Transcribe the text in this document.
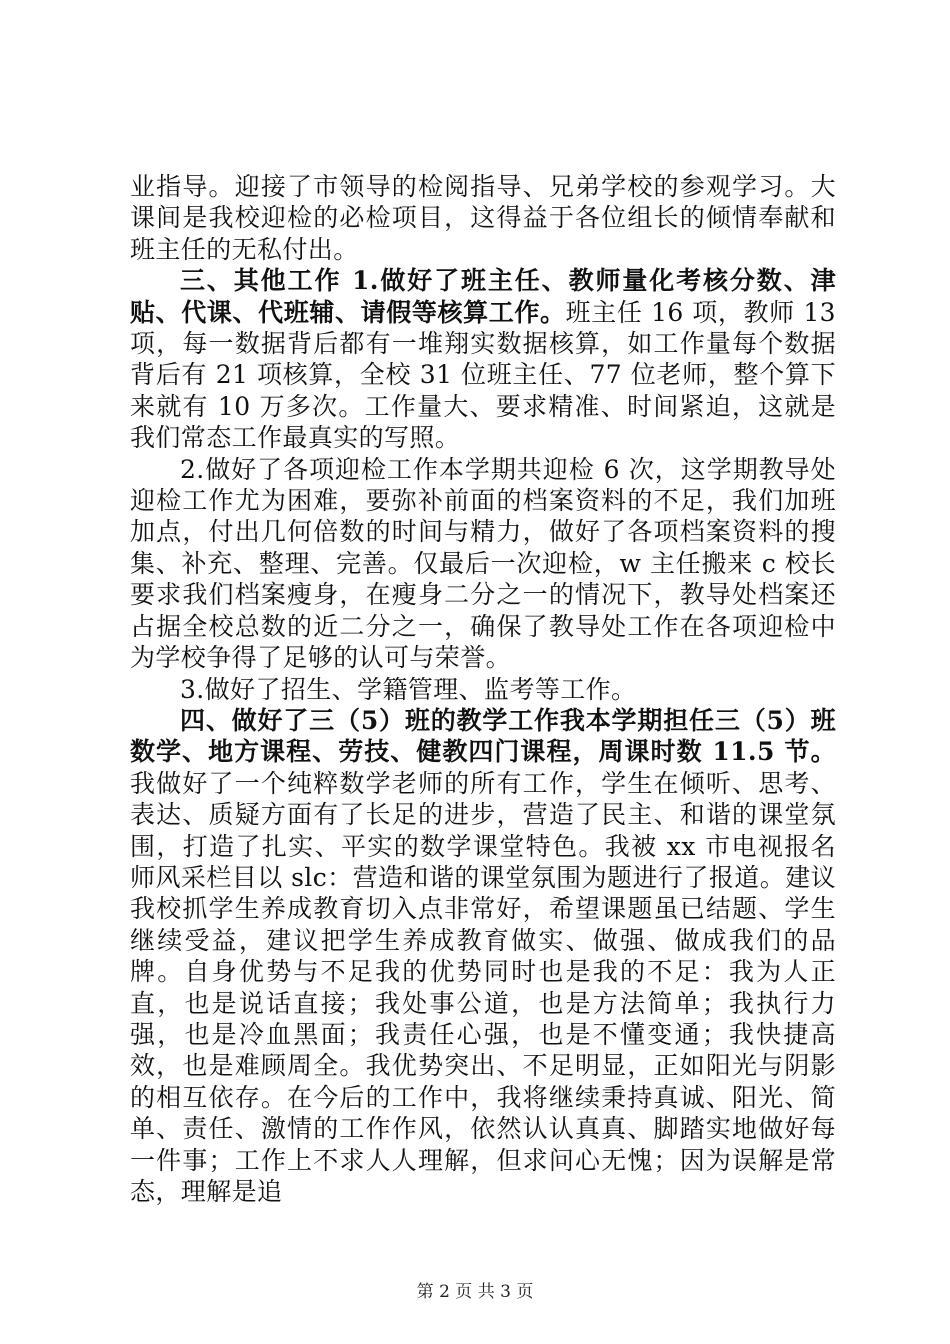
业指导。迎接了市领导的检阅指导、兄弟学校的参观学习。大课间是我校迎检的必检项目，这得益于各位组长的倾情奉献和班主任的无私付出。

三、其他工作 1.做好了班主任、教师量化考核分数、津贴、代课、代班辅、请假等核算工作。班主任 16 项，教师 13 项，每一数据背后都有一堆翔实数据核算，如工作量每个数据背后有 21 项核算，全校 31 位班主任、77 位老师，整个算下来就有 10 万多次。工作量大、要求精准、时间紧迫，这就是我们常态工作最真实的写照。

2.做好了各项迎检工作本学期共迎检 6 次，这学期教导处迎检工作尤为困难，要弥补前面的档案资料的不足，我们加班加点，付出几何倍数的时间与精力，做好了各项档案资料的搜集、补充、整理、完善。仅最后一次迎检，w 主任搬来 c 校长要求我们档案瘦身，在瘦身二分之一的情况下，教导处档案还占据全校总数的近二分之一，确保了教导处工作在各项迎检中为学校争得了足够的认可与荣誉。

3.做好了招生、学籍管理、监考等工作。

四、做好了三（5）班的教学工作我本学期担任三（5）班数学、地方课程、劳技、健教四门课程，周课时数 11.5 节。我做好了一个纯粹数学老师的所有工作，学生在倾听、思考、表达、质疑方面有了长足的进步，营造了民主、和谐的课堂氛围，打造了扎实、平实的数学课堂特色。我被 xx 市电视报名师风采栏目以 slc：营造和谐的课堂氛围为题进行了报道。建议我校抓学生养成教育切入点非常好，希望课题虽已结题、学生继续受益，建议把学生养成教育做实、做强、做成我们的品牌。自身优势与不足我的优势同时也是我的不足：我为人正直，也是说话直接；我处事公道，也是方法简单；我执行力强，也是冷血黑面；我责任心强，也是不懂变通；我快捷高效，也是难顾周全。我优势突出、不足明显，正如阳光与阴影的相互依存。在今后的工作中，我将继续秉持真诚、阳光、简单、责任、激情的工作作风，依然认认真真、脚踏实地做好每一件事；工作上不求人人理解，但求问心无愧；因为误解是常态，理解是追

第 2 页 共 3 页
